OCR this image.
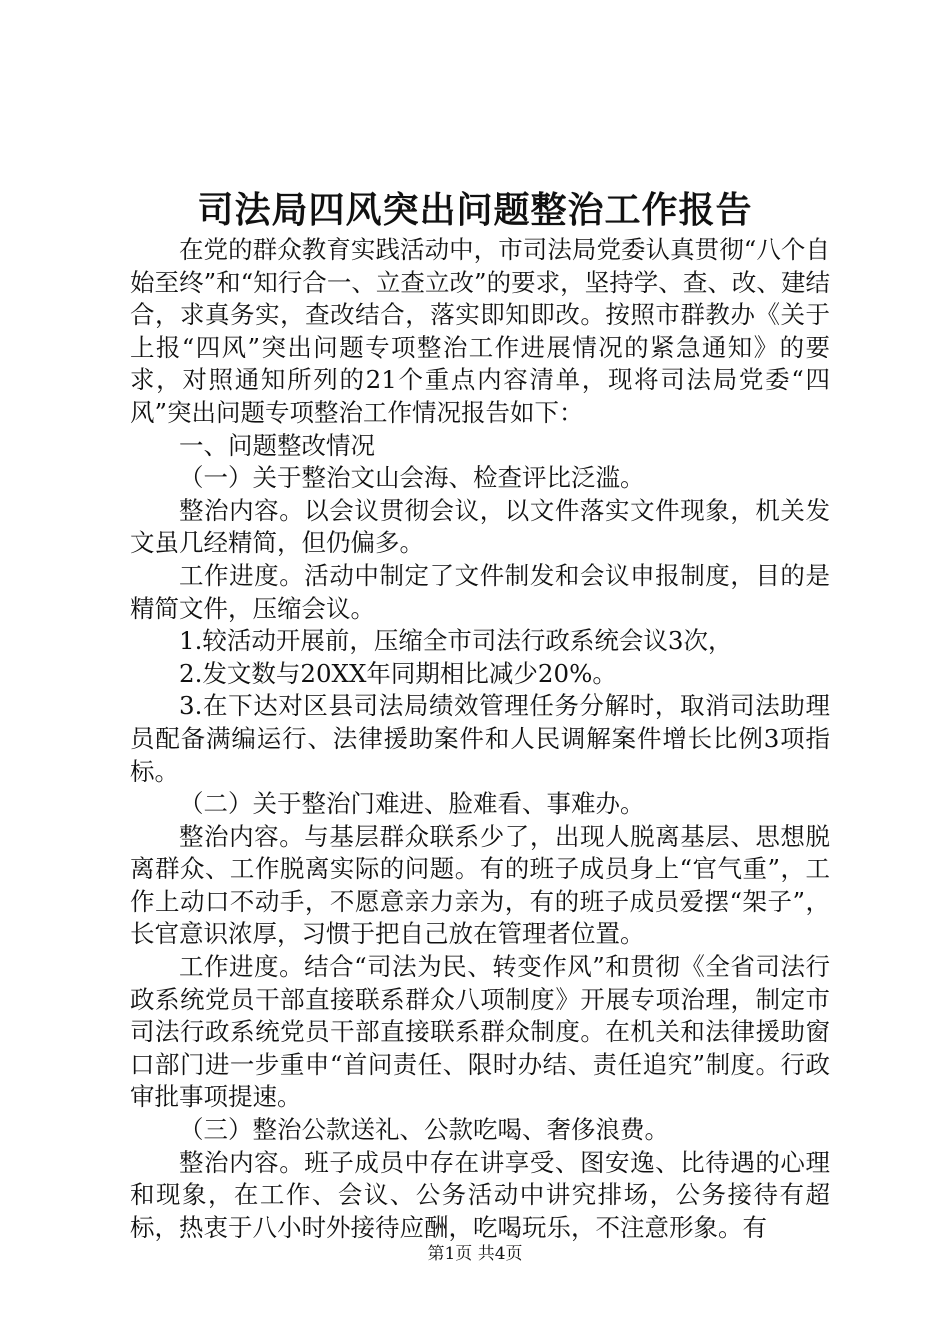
司法局四风突出问题整治工作报告

在党的群众教育实践活动中，市司法局党委认真贯彻“八个自始至终”和“知行合一、立查立改”的要求，坚持学、查、改、建结合，求真务实，查改结合，落实即知即改。按照市群教办《关于上报“四风”突出问题专项整治工作进展情况的紧急通知》的要求，对照通知所列的21个重点内容清单，现将司法局党委“四风”突出问题专项整治工作情况报告如下：

一、问题整改情况

（一）关于整治文山会海、检查评比泛滥。

整治内容。以会议贯彻会议，以文件落实文件现象，机关发文虽几经精简，但仍偏多。

工作进度。活动中制定了文件制发和会议申报制度，目的是精简文件，压缩会议。

1.较活动开展前，压缩全市司法行政系统会议3次，

2.发文数与20XX年同期相比减少20%。

3.在下达对区县司法局绩效管理任务分解时，取消司法助理员配备满编运行、法律援助案件和人民调解案件增长比例3项指标。

（二）关于整治门难进、脸难看、事难办。

整治内容。与基层群众联系少了，出现人脱离基层、思想脱离群众、工作脱离实际的问题。有的班子成员身上“官气重”，工作上动口不动手，不愿意亲力亲为，有的班子成员爱摆“架子”，长官意识浓厚，习惯于把自己放在管理者位置。

工作进度。结合“司法为民、转变作风”和贯彻《全省司法行政系统党员干部直接联系群众八项制度》开展专项治理，制定市司法行政系统党员干部直接联系群众制度。在机关和法律援助窗口部门进一步重申“首问责任、限时办结、责任追究”制度。行政审批事项提速。

（三）整治公款送礼、公款吃喝、奢侈浪费。

整治内容。班子成员中存在讲享受、图安逸、比待遇的心理和现象，在工作、会议、公务活动中讲究排场，公务接待有超标，热衷于八小时外接待应酬，吃喝玩乐，不注意形象。有

第1页 共4页
